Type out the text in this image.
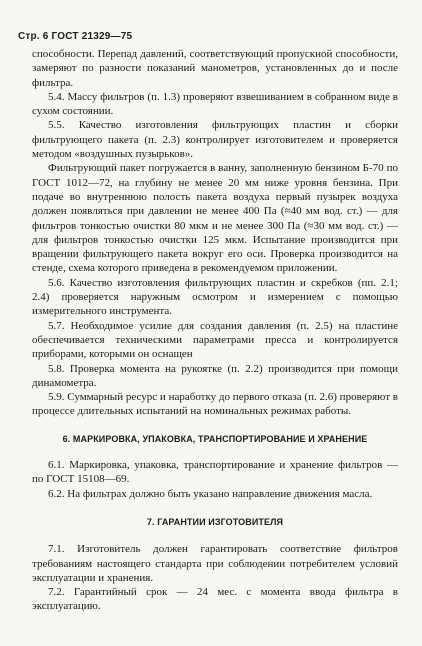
Стр. 6 ГОСТ 21329—75

способности. Перепад давлений, соответствующий пропускной способности, замеряют по разности показаний манометров, установленных до и после фильтра.

5.4. Массу фильтров (п. 1.3) проверяют взвешиванием в собранном виде в сухом состоянии.

5.5. Качество изготовления фильтрующих пластин и сборки фильтрующего пакета (п. 2.3) контролирует изготовителем и проверяется методом «воздушных пузырьков».

Фильтрующий пакет погружается в ванну, заполненную бензином Б-70 по ГОСТ 1012—72, на глубину не менее 20 мм ниже уровня бензина. При подаче во внутреннюю полость пакета воздуха первый пузырек воздуха должен появляться при давлении не менее 400 Па (≈40 мм вод. ст.) — для фильтров тонкостью очистки 80 мкм и не менее 300 Па (≈30 мм вод. ст.) — для фильтров тонкостью очистки 125 мкм. Испытание производится при вращении фильтрующего пакета вокруг его оси. Проверка производится на стенде, схема которого приведена в рекомендуемом приложении.

5.6. Качество изготовления фильтрующих пластин и скребков (пп. 2.1; 2.4) проверяется наружным осмотром и измерением с помощью измерительного инструмента.

5.7. Необходимое усилие для создания давления (п. 2.5) на пластине обеспечивается техническими параметрами пресса и контролируется приборами, которыми он оснащен

5.8. Проверка момента на рукоятке (п. 2.2) производится при помощи динамометра.

5.9. Суммарный ресурс и наработку до первого отказа (п. 2.6) проверяют в процессе длительных испытаний на номинальных режимах работы.

6. МАРКИРОВКА, УПАКОВКА, ТРАНСПОРТИРОВАНИЕ И ХРАНЕНИЕ

6.1. Маркировка, упаковка, транспортирование и хранение фильтров — по ГОСТ 15108—69.

6.2. На фильтрах должно быть указано направление движения масла.

7. ГАРАНТИИ ИЗГОТОВИТЕЛЯ

7.1. Изготовитель должен гарантировать соответствие фильтров требованиям настоящего стандарта при соблюдении потребителем условий эксплуатации и хранения.

7.2. Гарантийный срок — 24 мес. с момента ввода фильтра в эксплуатацию.
